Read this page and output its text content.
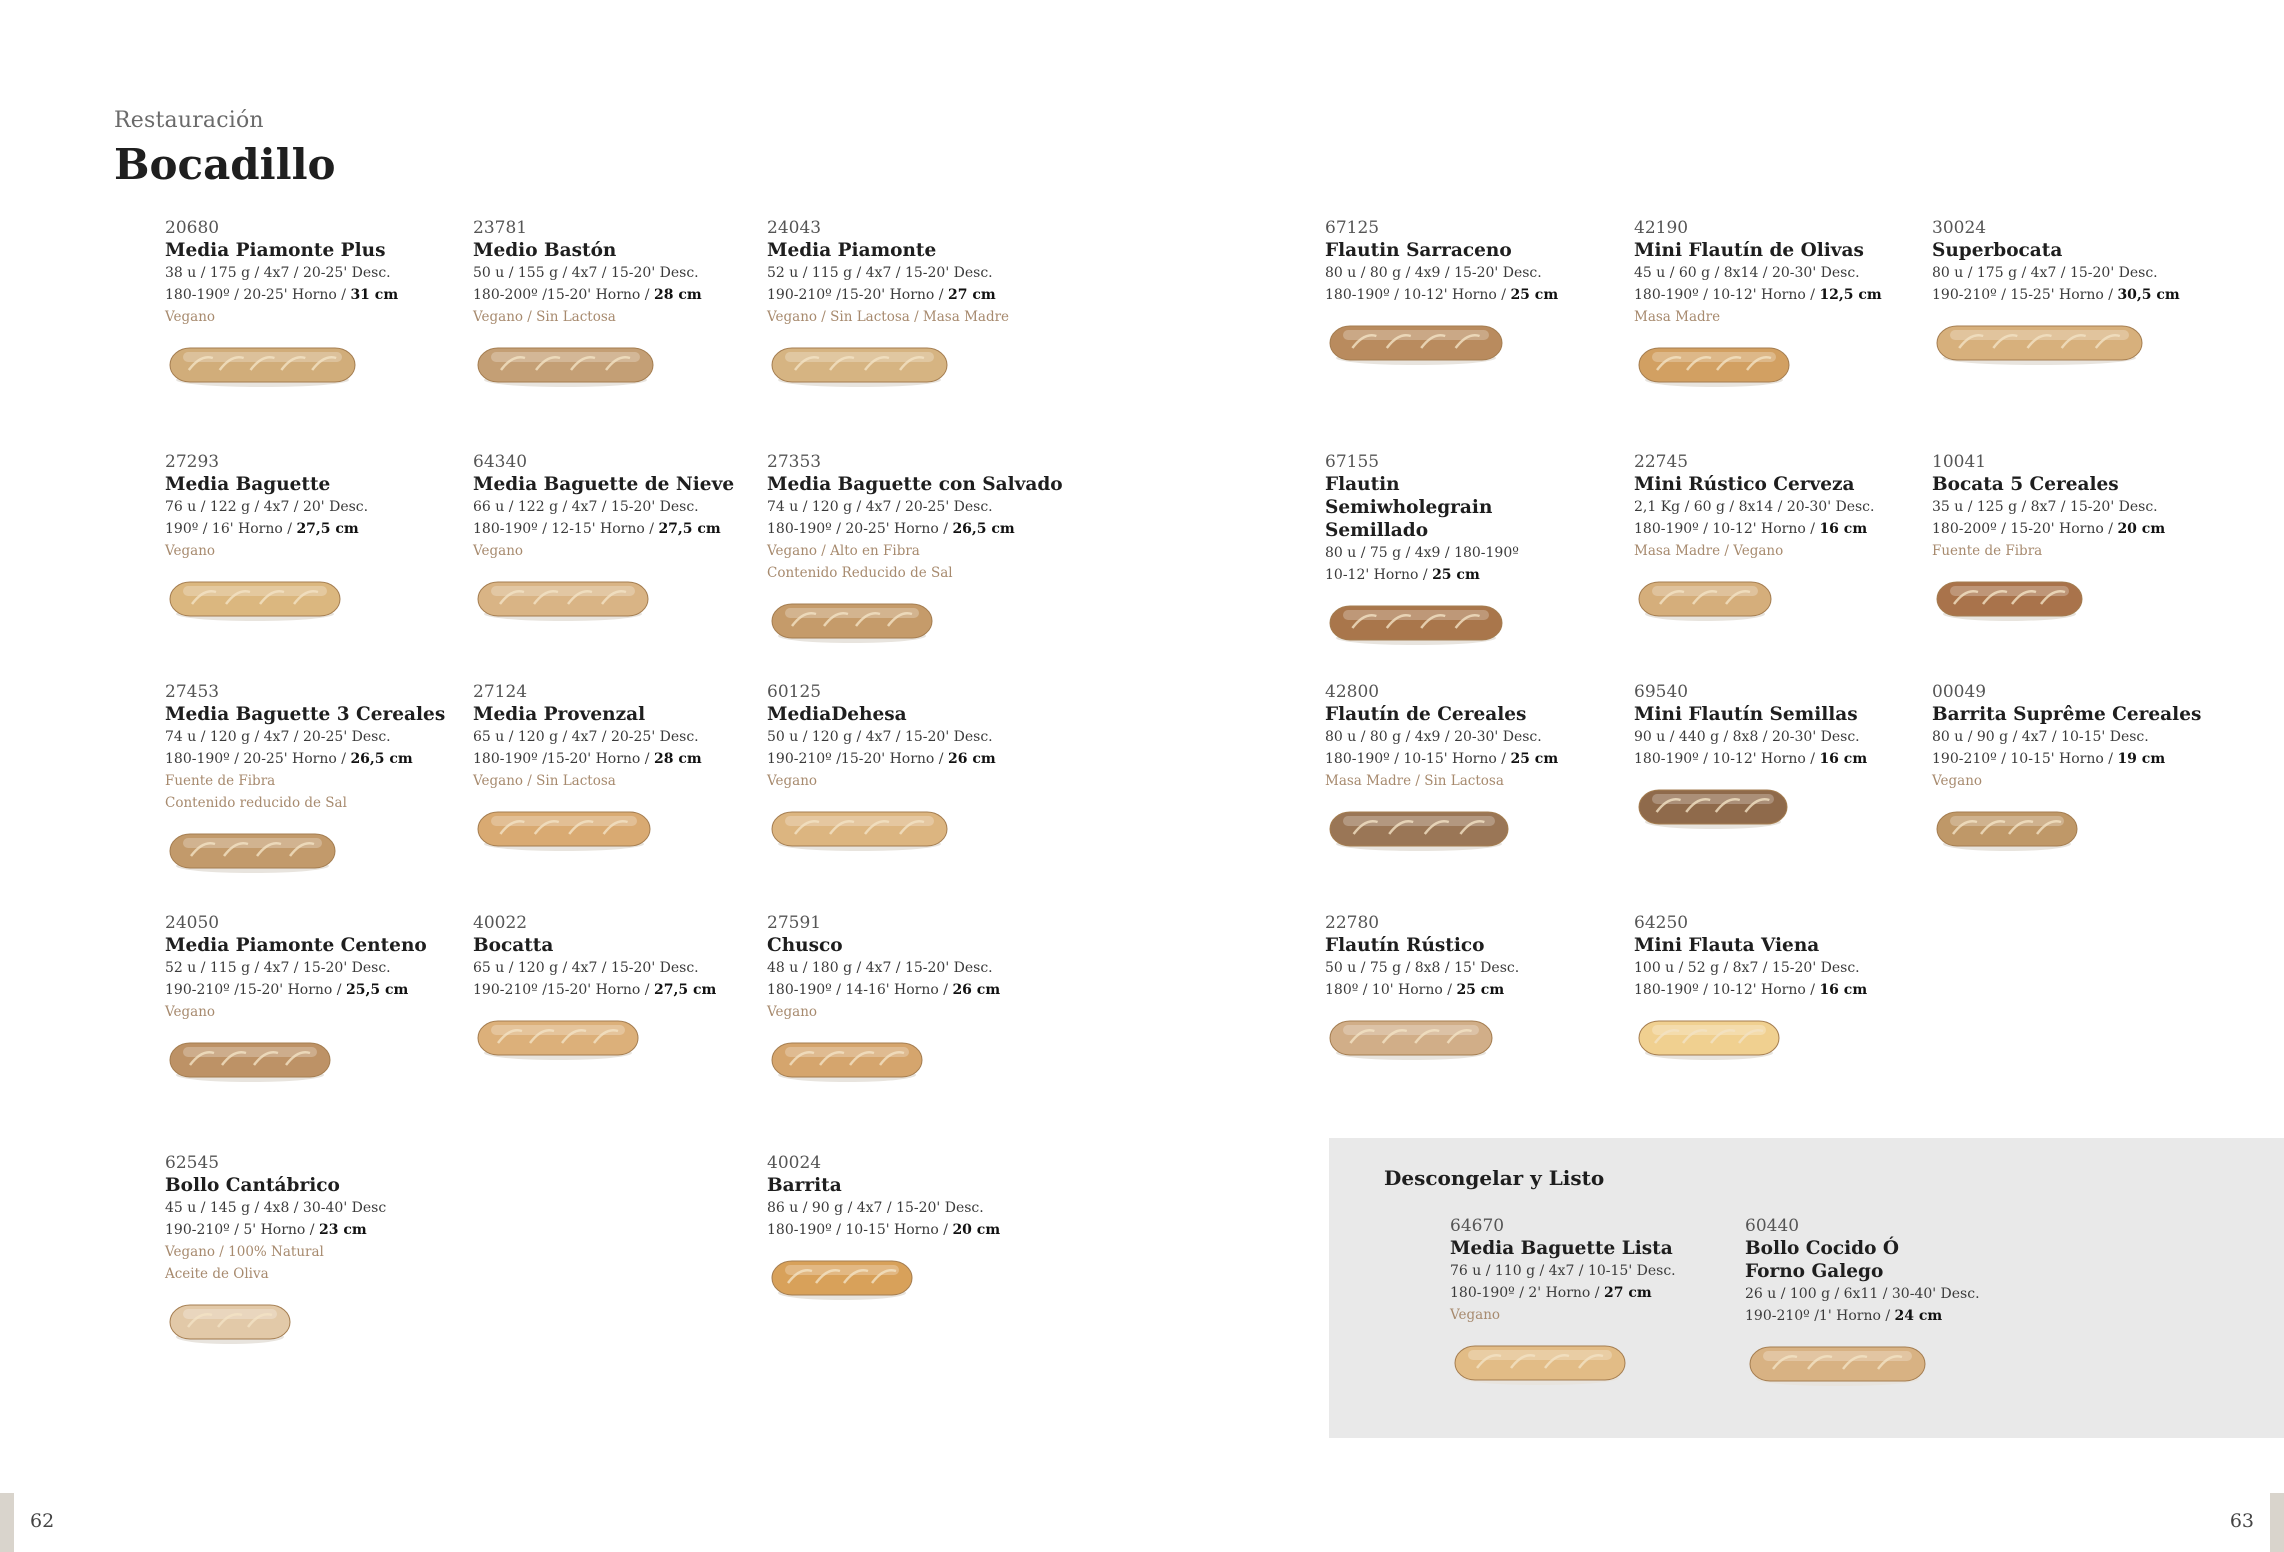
Restauración
Bocadillo
20680
Media Piamonte Plus
38 u / 175 g / 4x7 / 20-25' Desc.
180-190º / 20-25' Horno / 31 cm
Vegano
23781
Medio Bastón
50 u / 155 g / 4x7 / 15-20' Desc.
180-200º /15-20' Horno / 28 cm
Vegano / Sin Lactosa
24043
Media Piamonte
52 u / 115 g / 4x7 / 15-20' Desc.
190-210º /15-20' Horno / 27 cm
Vegano / Sin Lactosa / Masa Madre
27293
Media Baguette
76 u / 122 g / 4x7 / 20' Desc.
190º / 16' Horno / 27,5 cm
Vegano
64340
Media Baguette de Nieve
66 u / 122 g / 4x7 / 15-20' Desc.
180-190º / 12-15' Horno / 27,5 cm
Vegano
27353
Media Baguette con Salvado
74 u / 120 g / 4x7 / 20-25' Desc.
180-190º / 20-25' Horno / 26,5 cm
Vegano / Alto en Fibra
Contenido Reducido de Sal
27453
Media Baguette 3 Cereales
74 u / 120 g / 4x7 / 20-25' Desc.
180-190º / 20-25' Horno / 26,5 cm
Fuente de Fibra
Contenido reducido de Sal
27124
Media Provenzal
65 u / 120 g / 4x7 / 20-25' Desc.
180-190º /15-20' Horno / 28 cm
Vegano / Sin Lactosa
60125
MediaDehesa
50 u / 120 g / 4x7 / 15-20' Desc.
190-210º /15-20' Horno / 26 cm
Vegano
24050
Media Piamonte Centeno
52 u / 115 g / 4x7 / 15-20' Desc.
190-210º /15-20' Horno / 25,5 cm
Vegano
40022
Bocatta
65 u / 120 g / 4x7 / 15-20' Desc.
190-210º /15-20' Horno / 27,5 cm
27591
Chusco
48 u / 180 g / 4x7 / 15-20' Desc.
180-190º / 14-16' Horno / 26 cm
Vegano
62545
Bollo Cantábrico
45 u / 145 g / 4x8 / 30-40' Desc
190-210º / 5' Horno / 23 cm
Vegano / 100% Natural
Aceite de Oliva
40024
Barrita
86 u / 90 g / 4x7 / 15-20' Desc.
180-190º / 10-15' Horno / 20 cm
67125
Flautin Sarraceno
80 u / 80 g / 4x9 / 15-20' Desc.
180-190º / 10-12' Horno / 25 cm
42190
Mini Flautín de Olivas
45 u / 60 g / 8x14 / 20-30' Desc.
180-190º / 10-12' Horno / 12,5 cm
Masa Madre
30024
Superbocata
80 u / 175 g / 4x7 / 15-20' Desc.
190-210º / 15-25' Horno / 30,5 cm
67155
Flautin Semiwholegrain Semillado
80 u / 75 g / 4x9 / 180-190º
10-12' Horno / 25 cm
22745
Mini Rústico Cerveza
2,1 Kg / 60 g / 8x14 / 20-30' Desc.
180-190º / 10-12' Horno / 16 cm
Masa Madre / Vegano
10041
Bocata 5 Cereales
35 u / 125 g / 8x7 / 15-20' Desc.
180-200º / 15-20' Horno / 20 cm
Fuente de Fibra
42800
Flautín de Cereales
80 u / 80 g / 4x9 / 20-30' Desc.
180-190º / 10-15' Horno / 25 cm
Masa Madre / Sin Lactosa
69540
Mini Flautín Semillas
90 u / 440 g / 8x8 / 20-30' Desc.
180-190º / 10-12' Horno / 16 cm
00049
Barrita Suprême Cereales
80 u / 90 g / 4x7 / 10-15' Desc.
190-210º / 10-15' Horno / 19 cm
Vegano
22780
Flautín Rústico
50 u / 75 g / 8x8 / 15' Desc.
180º / 10' Horno / 25 cm
64250
Mini Flauta Viena
100 u / 52 g / 8x7 / 15-20' Desc.
180-190º / 10-12' Horno / 16 cm
Descongelar y Listo
64670
Media Baguette Lista
76 u / 110 g / 4x7 / 10-15' Desc.
180-190º / 2' Horno / 27 cm
Vegano
60440
Bollo Cocido Ó Forno Galego
26 u / 100 g / 6x11 / 30-40' Desc.
190-210º /1' Horno / 24 cm
62	63
